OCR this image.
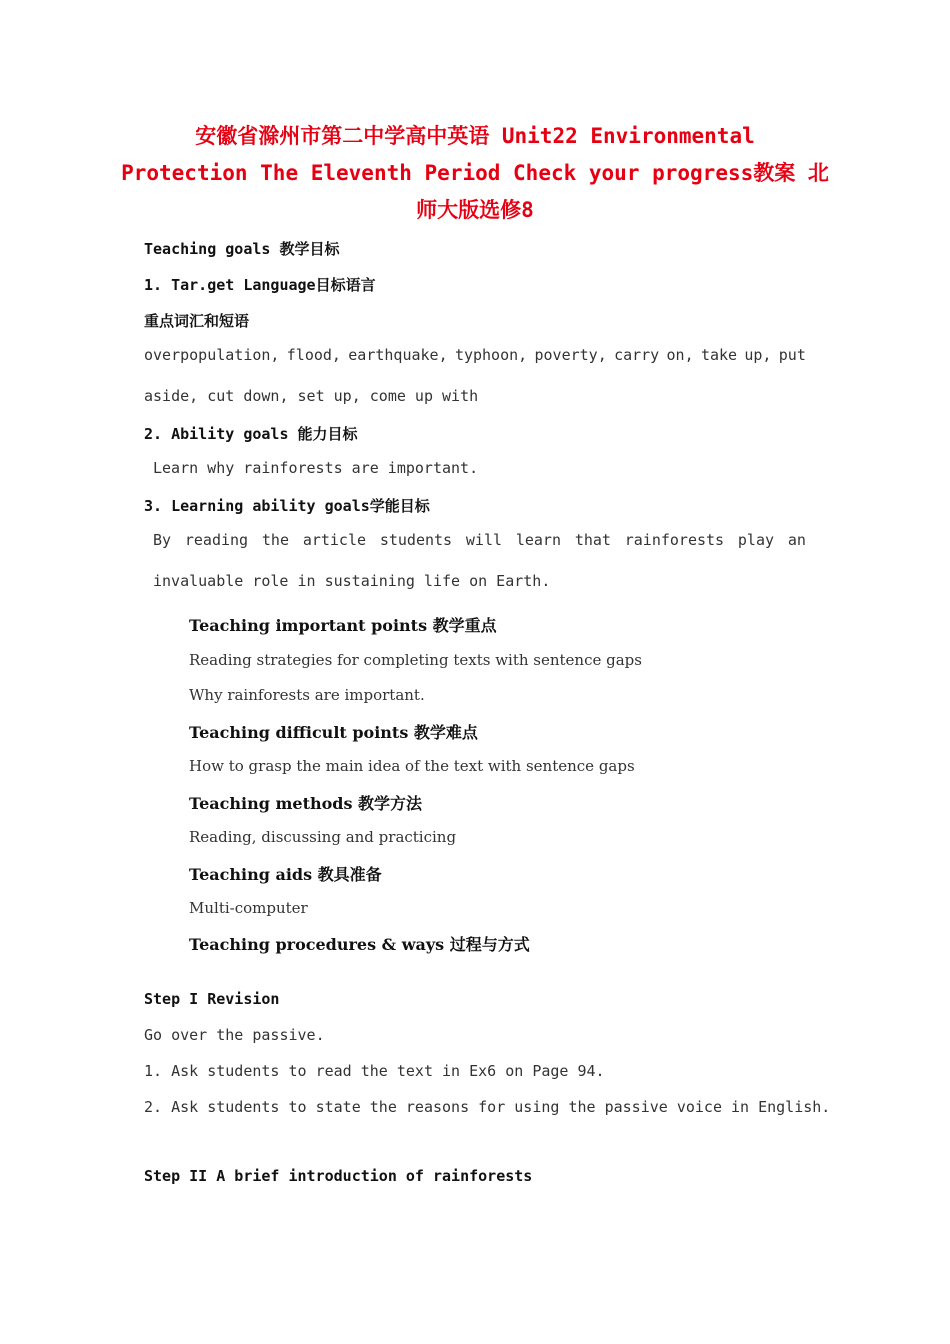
安徽省滁州市第二中学高中英语 Unit22 Environmental
Protection The Eleventh Period Check your progress教案 北
师大版选修8
Teaching goals 教学目标
1. Tar.get Language目标语言
重点词汇和短语
overpopulation, flood, earthquake, typhoon, poverty, carry on, take up, put
aside, cut down, set up, come up with
2. Ability goals 能力目标
Learn why rainforests are important.
3. Learning ability goals学能目标
By reading the article students will learn that rainforests play an
invaluable role in sustaining life on Earth.
Teaching important points 教学重点
Reading strategies for completing texts with sentence gaps
Why rainforests are important.
Teaching difficult points 教学难点
How to grasp the main idea of the text with sentence gaps
Teaching methods 教学方法
Reading, discussing and practicing
Teaching aids 教具准备
Multi-computer
Teaching procedures & ways 过程与方式
Step I Revision
Go over the passive.
1. Ask students to read the text in Ex6 on Page 94.
2. Ask students to state the reasons for using the passive voice in English.
Step II A brief introduction of rainforests
